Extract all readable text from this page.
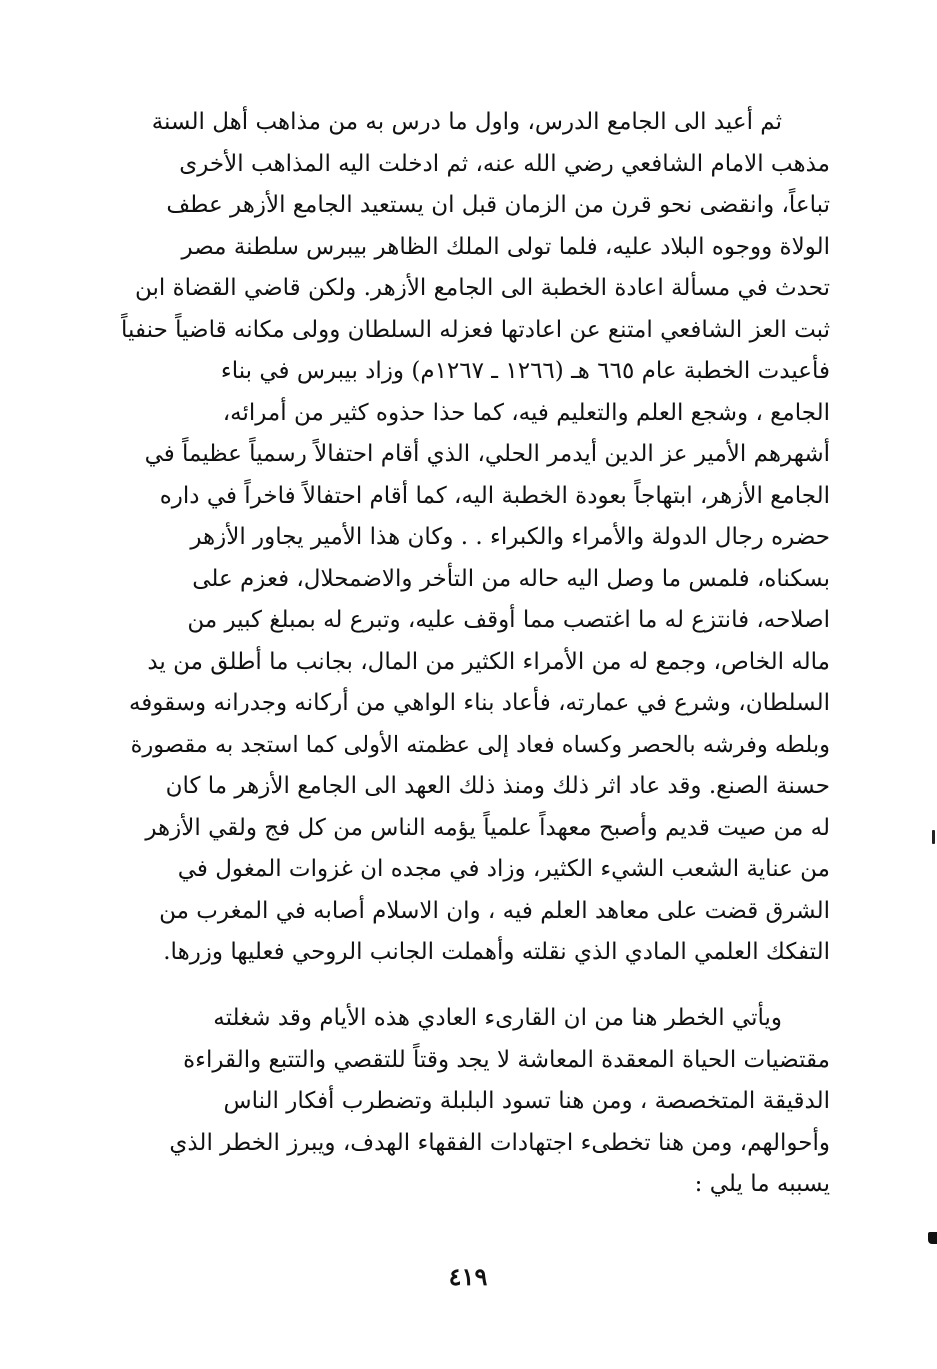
ثم أعيد الى الجامع الدرس، واول ما درس به من مذاهب أهل السنة
مذهب الامام الشافعي رضي الله عنه، ثم ادخلت اليه المذاهب الأخرى
تباعاً، وانقضى نحو قرن من الزمان قبل ان يستعيد الجامع الأزهر عطف
الولاة ووجوه البلاد عليه، فلما تولى الملك الظاهر بيبرس سلطنة مصر
تحدث في مسألة اعادة الخطبة الى الجامع الأزهر. ولكن قاضي القضاة ابن
ثبت العز الشافعي امتنع عن اعادتها فعزله السلطان وولى مكانه قاضياً حنفياً
فأعيدت الخطبة عام ٦٦٥ هـ (١٢٦٦ ـ ١٢٦٧م) وزاد بيبرس في بناء
الجامع ، وشجع العلم والتعليم فيه، كما حذا حذوه كثير من أمرائه،
أشهرهم الأمير عز الدين أيدمر الحلي، الذي أقام احتفالاً رسمياً عظيماً في
الجامع الأزهر، ابتهاجاً بعودة الخطبة اليه، كما أقام احتفالاً فاخراً في داره
حضره رجال الدولة والأمراء والكبراء . . وكان هذا الأمير يجاور الأزهر
بسكناه، فلمس ما وصل اليه حاله من التأخر والاضمحلال، فعزم على
اصلاحه، فانتزع له ما اغتصب مما أوقف عليه، وتبرع له بمبلغ كبير من
ماله الخاص، وجمع له من الأمراء الكثير من المال، بجانب ما أطلق من يد
السلطان، وشرع في عمارته، فأعاد بناء الواهي من أركانه وجدرانه وسقوفه
وبلطه وفرشه بالحصر وكساه فعاد إلى عظمته الأولى كما استجد به مقصورة
حسنة الصنع. وقد عاد اثر ذلك ومنذ ذلك العهد الى الجامع الأزهر ما كان
له من صيت قديم وأصبح معهداً علمياً يؤمه الناس من كل فج ولقي الأزهر
من عناية الشعب الشيء الكثير، وزاد في مجده ان غزوات المغول في
الشرق قضت على معاهد العلم فيه ، وان الاسلام أصابه في المغرب من
التفكك العلمي المادي الذي نقلته وأهملت الجانب الروحي فعليها وزرها.
ويأتي الخطر هنا من ان القارىء العادي هذه الأيام وقد شغلته
مقتضيات الحياة المعقدة المعاشة لا يجد وقتاً للتقصي والتتبع والقراءة
الدقيقة المتخصصة ، ومن هنا تسود البلبلة وتضطرب أفكار الناس
وأحوالهم، ومن هنا تخطىء اجتهادات الفقهاء الهدف، ويبرز الخطر الذي
يسببه ما يلي :
٤١٩
